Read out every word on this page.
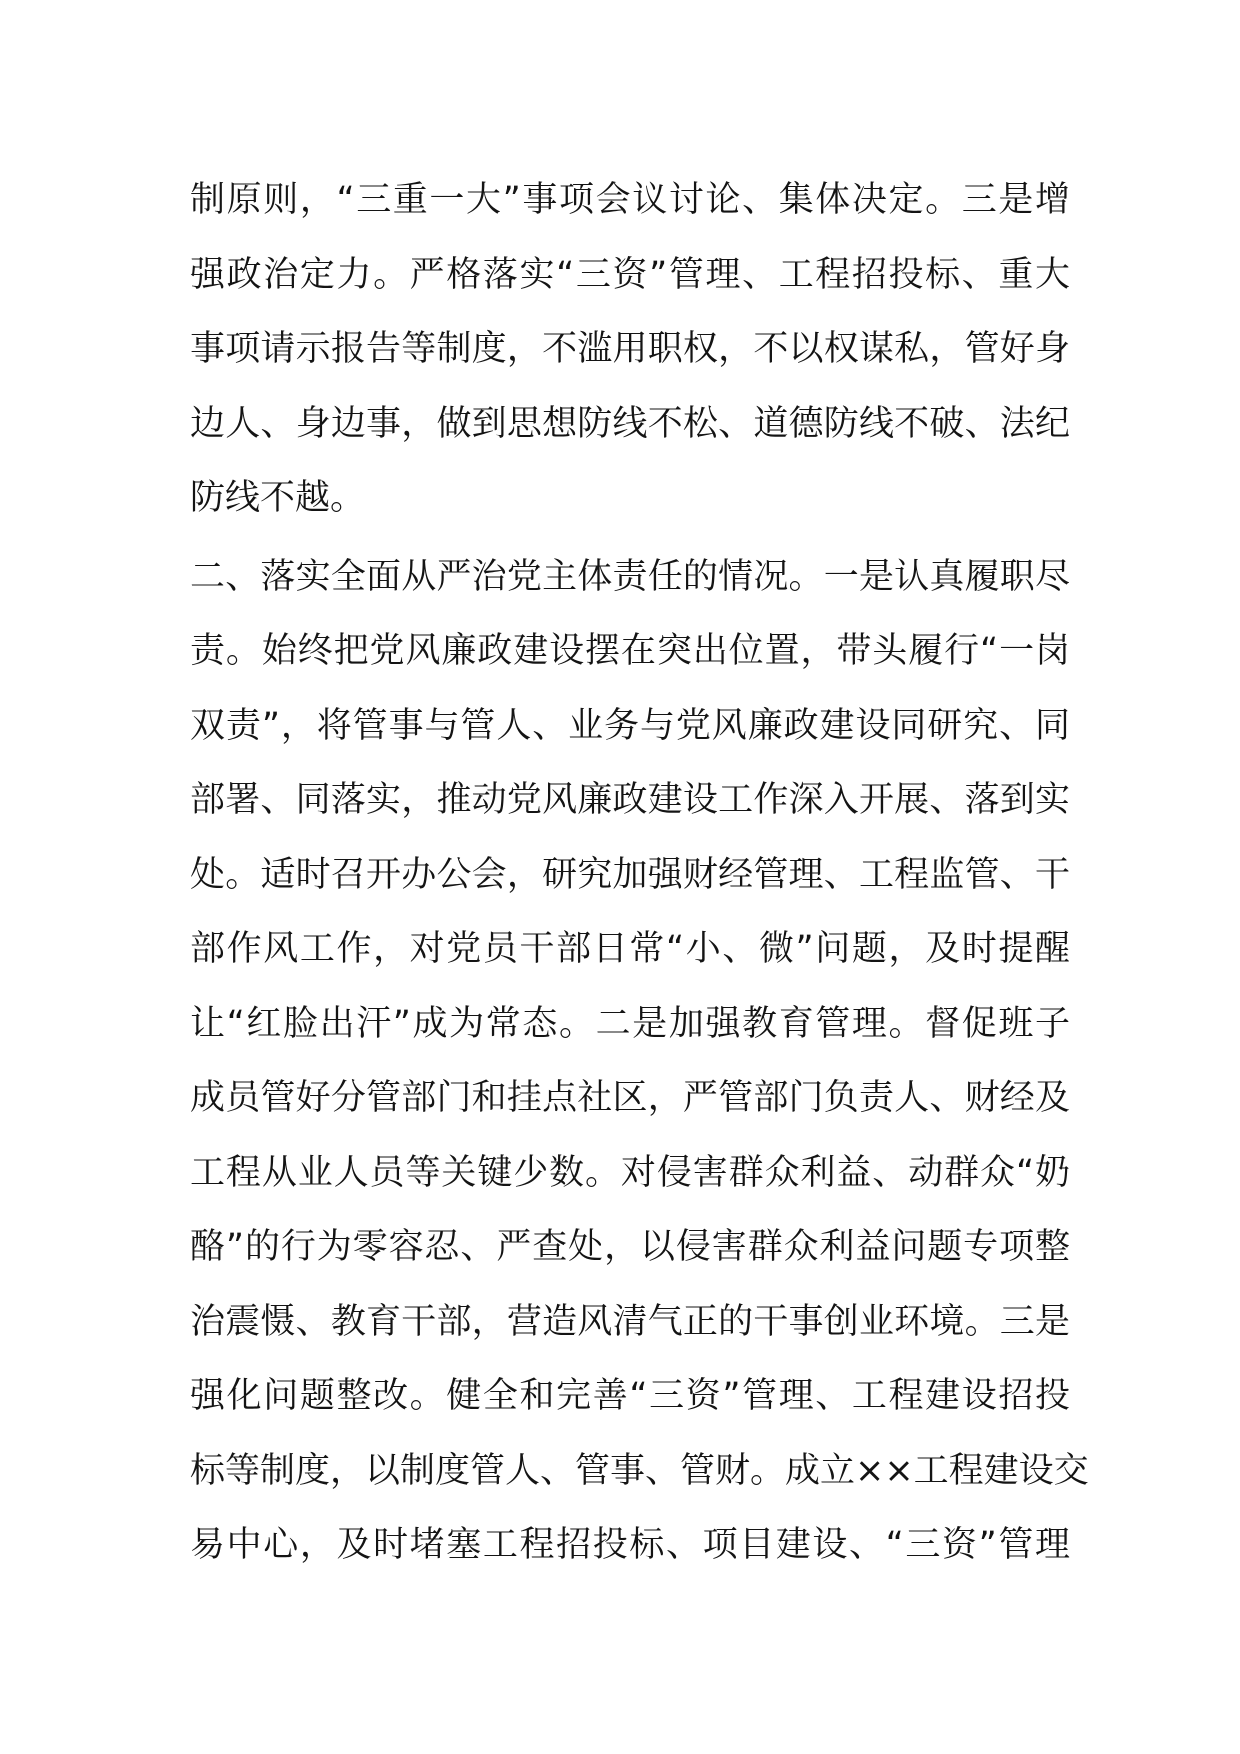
制原则，“三重一大”事项会议讨论、集体决定。三是增
强政治定力。严格落实“三资”管理、工程招投标、重大
事项请示报告等制度，不滥用职权，不以权谋私，管好身
边人、身边事，做到思想防线不松、道德防线不破、法纪
防线不越。
二、落实全面从严治党主体责任的情况。一是认真履职尽
责。始终把党风廉政建设摆在突出位置，带头履行“一岗
双责”，将管事与管人、业务与党风廉政建设同研究、同
部署、同落实，推动党风廉政建设工作深入开展、落到实
处。适时召开办公会，研究加强财经管理、工程监管、干
部作风工作，对党员干部日常“小、微”问题，及时提醒
让“红脸出汗”成为常态。二是加强教育管理。督促班子
成员管好分管部门和挂点社区，严管部门负责人、财经及
工程从业人员等关键少数。对侵害群众利益、动群众“奶
酪”的行为零容忍、严查处，以侵害群众利益问题专项整
治震慑、教育干部，营造风清气正的干事创业环境。三是
强化问题整改。健全和完善“三资”管理、工程建设招投
标等制度，以制度管人、管事、管财。成立××工程建设交
易中心，及时堵塞工程招投标、项目建设、“三资”管理
